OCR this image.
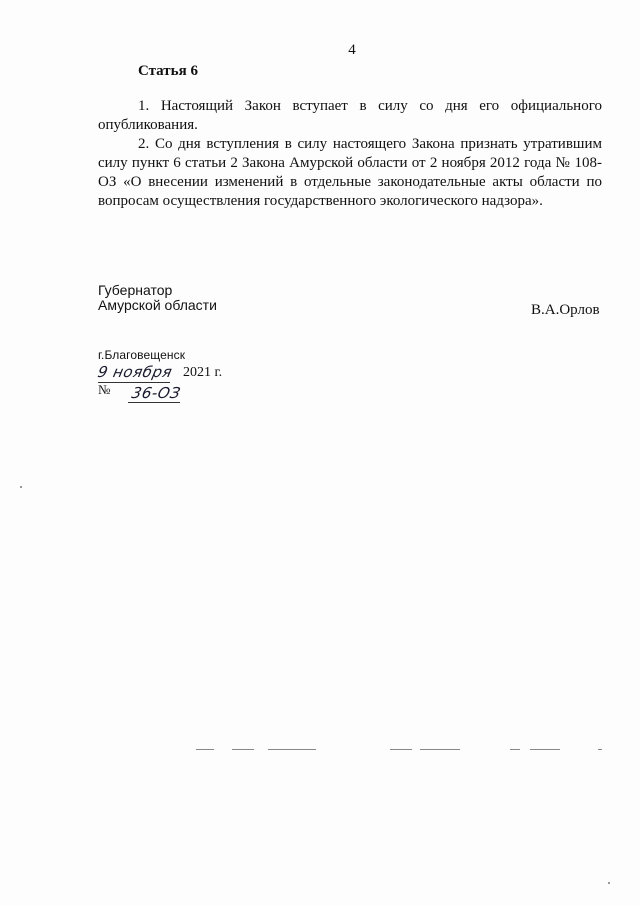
4
Статья 6

1. Настоящий Закон вступает в силу со дня его официального опубликования.

2. Со дня вступления в силу настоящего Закона признать утратившим силу пункт 6 статьи 2 Закона Амурской области от 2 ноября 2012 года № 108-ОЗ «О внесении изменений в отдельные законодательные акты области по вопросам осуществления государственного экологического надзора».

Губернатор
Амурской области	В.А.Орлов
г.Благовещенск
9 ноября 2021 г.
№ 36-ОЗ
